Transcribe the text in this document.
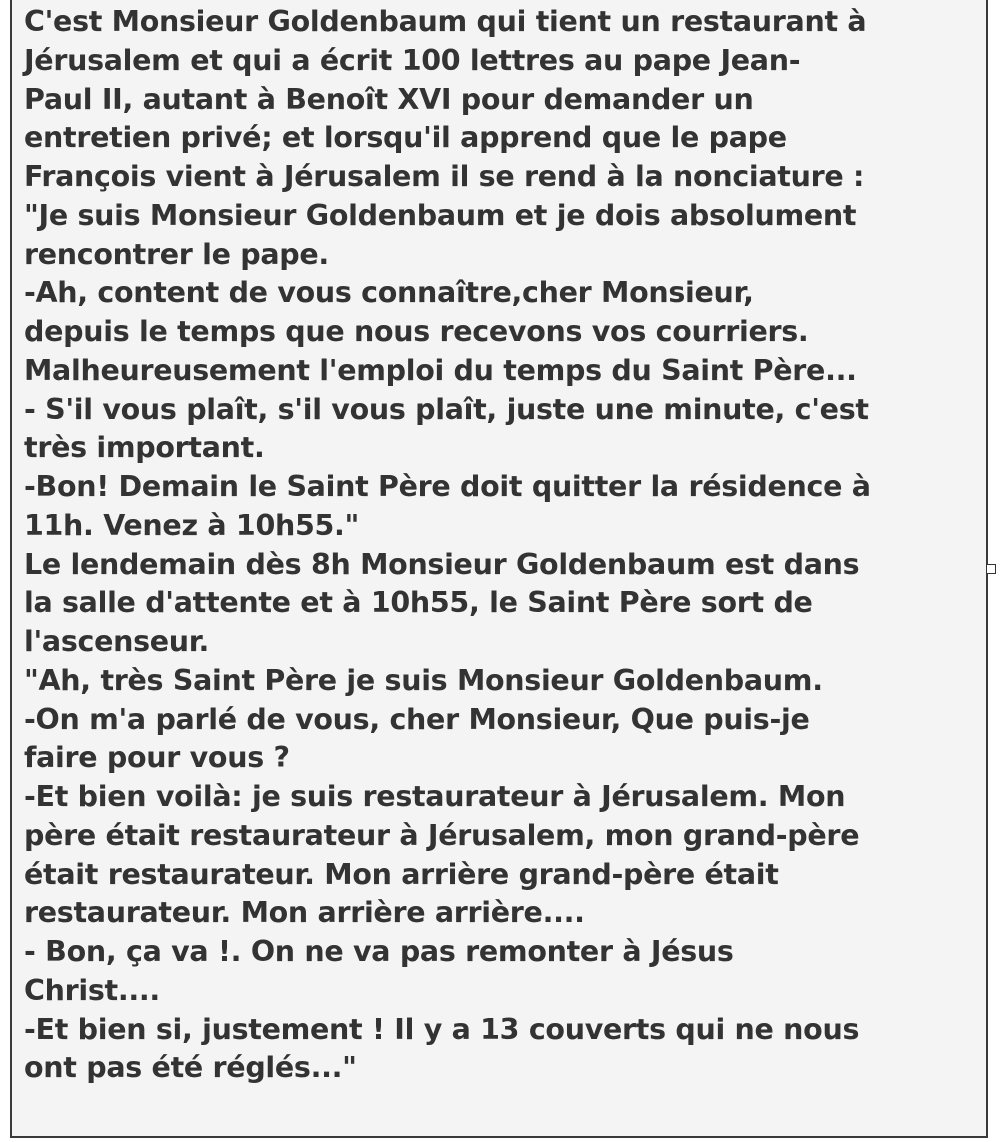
C'est Monsieur Goldenbaum qui tient un restaurant à
Jérusalem et qui a écrit 100 lettres au pape Jean-
Paul II, autant à Benoît XVI pour demander un
entretien privé; et lorsqu'il apprend que le pape
François vient à Jérusalem il se rend à la nonciature :
"Je suis Monsieur Goldenbaum et je dois absolument
rencontrer le pape.
-Ah, content de vous connaître,cher Monsieur,
depuis le temps que nous recevons vos courriers.
Malheureusement l'emploi du temps du Saint Père...
- S'il vous plaît, s'il vous plaît, juste une minute, c'est
très important.
-Bon! Demain le Saint Père doit quitter la résidence à
11h. Venez à 10h55."
Le lendemain dès 8h Monsieur Goldenbaum est dans
la salle d'attente et à 10h55, le Saint Père sort de
l'ascenseur.
"Ah, très Saint Père je suis Monsieur Goldenbaum.
-On m'a parlé de vous, cher Monsieur, Que puis-je
faire pour vous ?
-Et bien voilà: je suis restaurateur à Jérusalem. Mon
père était restaurateur à Jérusalem, mon grand-père
était restaurateur. Mon arrière grand-père était
restaurateur. Mon arrière arrière....
- Bon, ça va !. On ne va pas remonter à Jésus
Christ....
-Et bien si, justement ! Il y a 13 couverts qui ne nous
ont pas été réglés..."
